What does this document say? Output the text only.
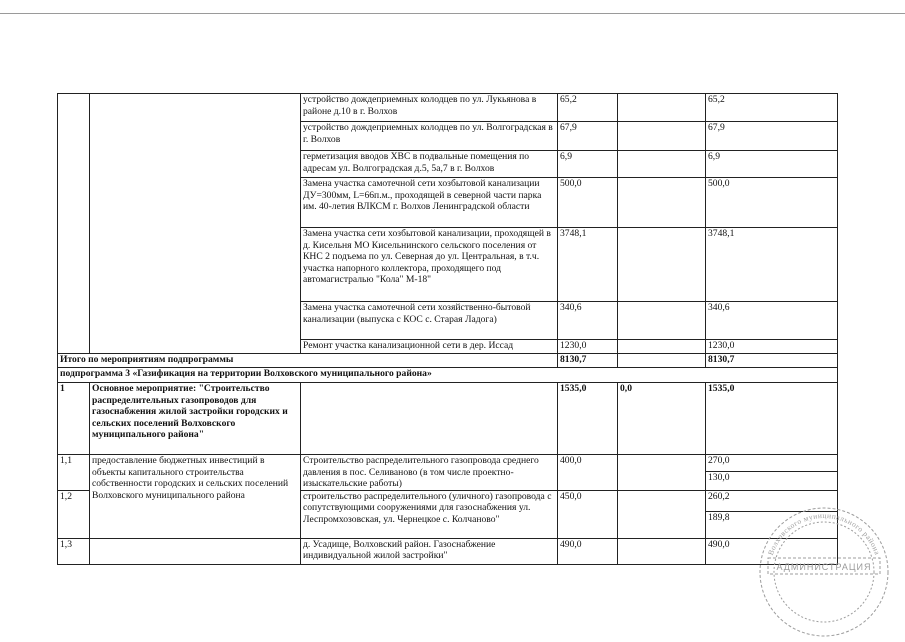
		устройство дождеприемных колодцев по ул. Лукьянова в районе д.10 в г. Волхов	65,2		65,2
		устройство дождеприемных колодцев по ул. Волгоградская в г. Волхов	67,9		67,9
		герметизация вводов ХВС в подвальные помещения по адресам ул. Волгоградская д.5, 5а,7 в г. Волхов	6,9		6,9
		Замена участка самотечной сети хозбытовой канализации ДУ=300мм, L=66п.м., проходящей в северной части парка им. 40-летия ВЛКСМ г. Волхов Ленинградской области	500,0		500,0
		Замена участка сети хозбытовой канализации, проходящей в д. Кисельня МО Кисельнинского сельского поселения от КНС 2 подъема по ул. Северная до ул. Центральная, в т.ч. участка напорного коллектора, проходящего под автомагистралью "Кола" М-18"	3748,1		3748,1
		Замена участка самотечной сети хозяйственно-бытовой канализации (выпуска с КОС с. Старая Ладога)	340,6		340,6
		Ремонт участка канализационной сети в дер. Иссад	1230,0		1230,0
Итого по мероприятиям подпрограммы			8130,7		8130,7
подпрограмма 3 «Газификация на территории Волховского муниципального района»					
1	Основное мероприятие: "Строительство распределительных газопроводов для газоснабжения жилой застройки городских и сельских поселений Волховского муниципального района"		1535,0	0,0	1535,0
1,1	предоставление бюджетных инвестиций в объекты капитального строительства собственности городских и сельских поселений Волховского муниципального района	Строительство распределительного газопровода среднего давления в пос. Селиваново (в том числе проектно-изыскательские работы)	400,0		270,0
					130,0
1,2		строительство распределительного (уличного) газопровода с сопутствующими сооружениями для газоснабжения ул. Леспромхозовская, ул. Чернецкое с. Колчаново"	450,0		260,2
					189,8
1,3		д. Усадище, Волховский район. Газоснабжение индивидуальной жилой застройки"	490,0		490,0
Волховского муниципального района
АДМИНИСТРАЦИЯ
